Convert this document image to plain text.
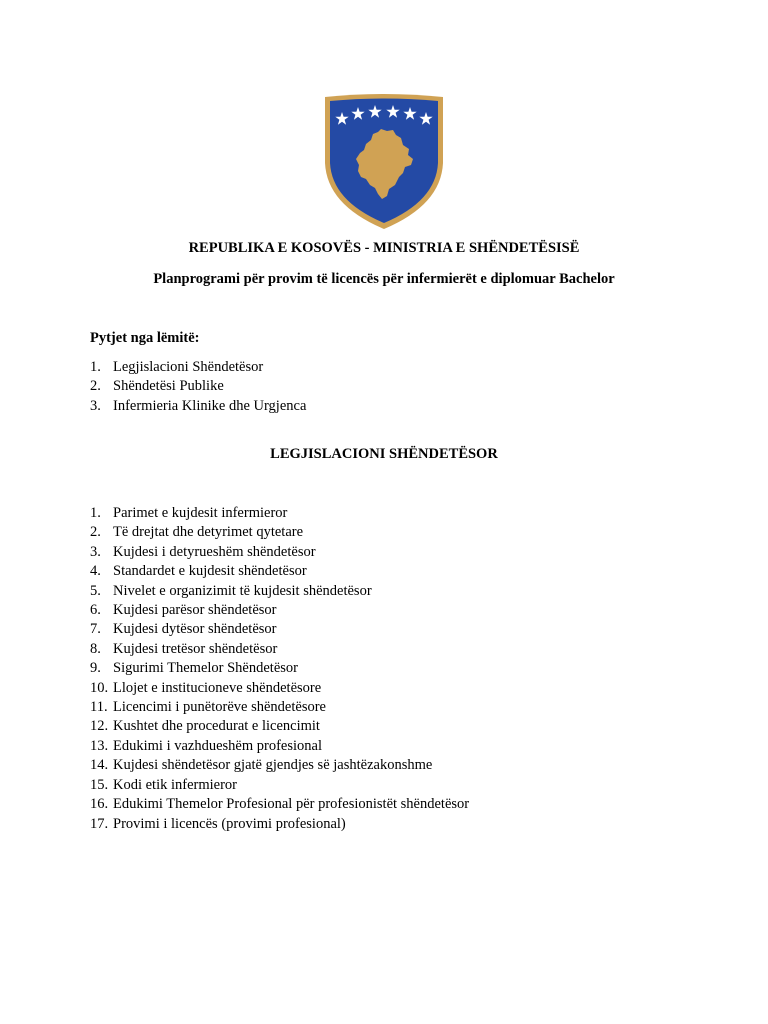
REPUBLIKA E KOSOVËS - MINISTRIA E SHËNDETËSISË
Planprogrami për provim të licencës për infermierët e diplomuar Bachelor
Pytjet nga lëmitë:
1. Legjislacioni Shëndetësor
2. Shëndetësi Publike
3. Infermieria Klinike dhe Urgjenca
LEGJISLACIONI SHËNDETËSOR
1. Parimet e kujdesit infermieror
2. Të drejtat dhe detyrimet qytetare
3. Kujdesi i detyrueshëm shëndetësor
4. Standardet e kujdesit shëndetësor
5. Nivelet e organizimit të kujdesit shëndetësor
6. Kujdesi parësor shëndetësor
7. Kujdesi dytësor shëndetësor
8. Kujdesi tretësor shëndetësor
9. Sigurimi Themelor Shëndetësor
10. Llojet e institucioneve shëndetësore
11. Licencimi i punëtorëve shëndetësore
12. Kushtet dhe procedurat e licencimit
13. Edukimi i vazhdueshëm profesional
14. Kujdesi shëndetësor gjatë gjendjes së jashtëzakonshme
15. Kodi etik infermieror
16. Edukimi Themelor Profesional për profesionistët shëndetësor
17. Provimi i licencës (provimi profesional)
